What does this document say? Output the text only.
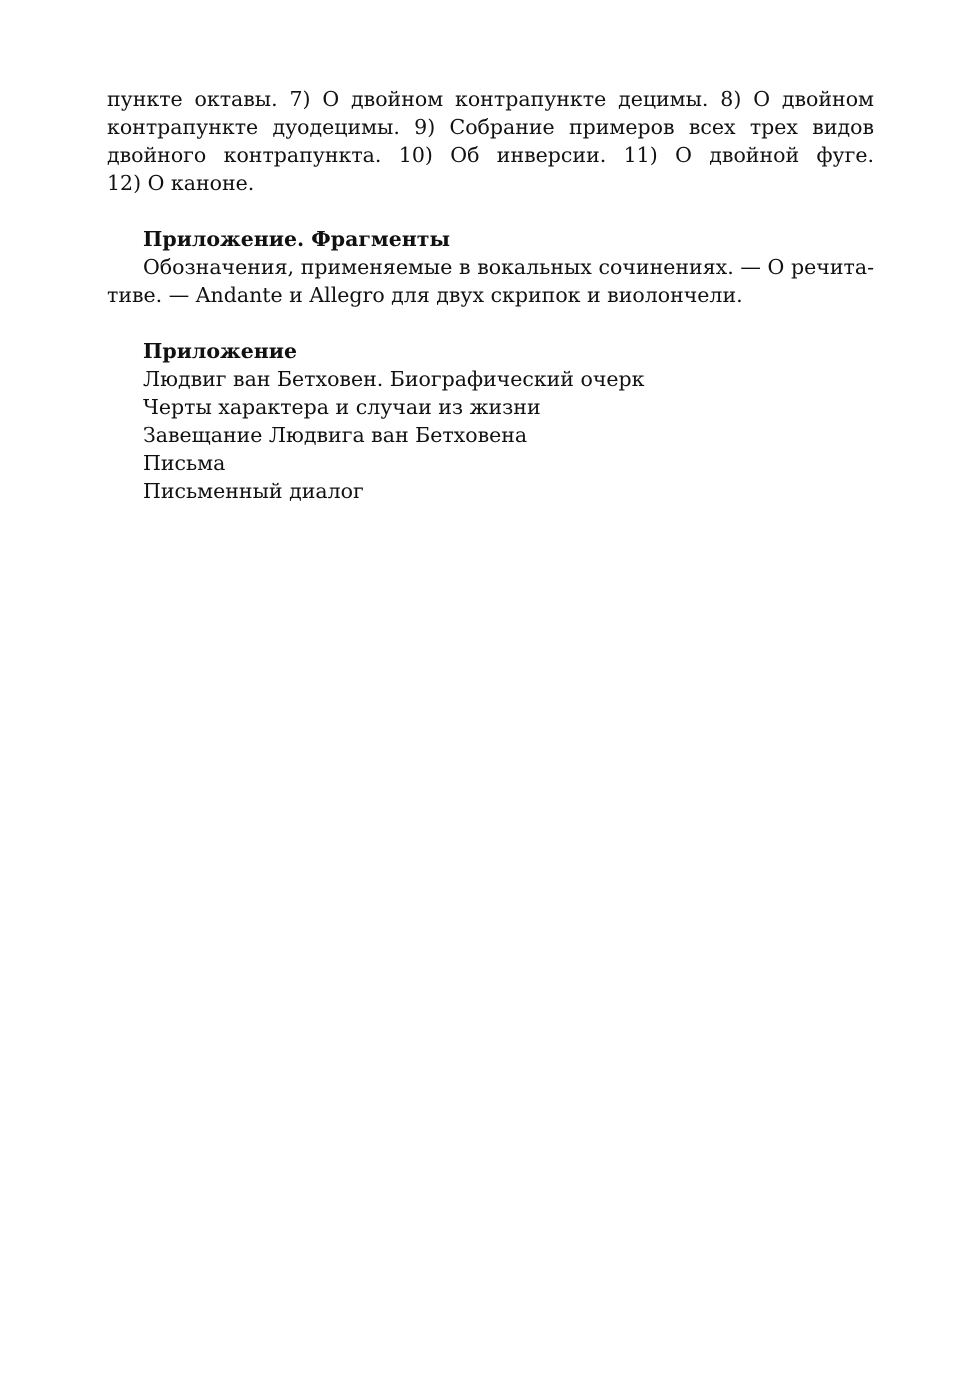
пункте октавы. 7) О двойном контрапункте децимы. 8) О двойном
контрапункте дуодецимы. 9) Собрание примеров всех трех видов
двойного контрапункта. 10) Об инверсии. 11) О двойной фуге.
12) О каноне.
Приложение. Фрагменты
Обозначения, применяемые в вокальных сочинениях. — О речита-
тиве. — Andante и Allegro для двух скрипок и виолончели.
Приложение
Людвиг ван Бетховен. Биографический очерк
Черты характера и случаи из жизни
Завещание Людвига ван Бетховена
Письма
Письменный диалог
